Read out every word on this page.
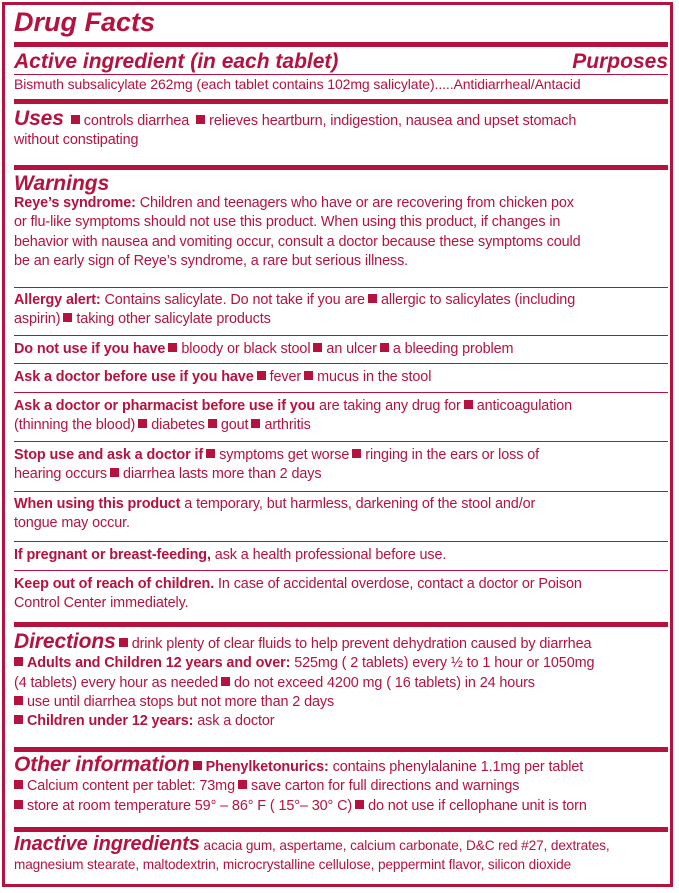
Drug Facts
Active ingredient (in each tablet)	Purposes
Bismuth subsalicylate 262mg (each tablet contains 102mg salicylate).....Antidiarrheal/Antacid
Uses controls diarrhea relieves heartburn, indigestion, nausea and upset stomach
without constipating
Warnings
Reye’s syndrome: Children and teenagers who have or are recovering from chicken pox
or flu-like symptoms should not use this product. When using this product, if changes in
behavior with nausea and vomiting occur, consult a doctor because these symptoms could
be an early sign of Reye’s syndrome, a rare but serious illness.
Allergy alert: Contains salicylate. Do not take if you are allergic to salicylates (including
aspirin) taking other salicylate products
Do not use if you have bloody or black stool an ulcer a bleeding problem
Ask a doctor before use if you have fever mucus in the stool
Ask a doctor or pharmacist before use if you are taking any drug for anticoagulation
(thinning the blood) diabetes gout arthritis
Stop use and ask a doctor if symptoms get worse ringing in the ears or loss of
hearing occurs diarrhea lasts more than 2 days
When using this product a temporary, but harmless, darkening of the stool and/or
tongue may occur.
If pregnant or breast-feeding, ask a health professional before use.
Keep out of reach of children. In case of accidental overdose, contact a doctor or Poison
Control Center immediately.
Directions drink plenty of clear fluids to help prevent dehydration caused by diarrhea
Adults and Children 12 years and over: 525mg ( 2 tablets) every ½ to 1 hour or 1050mg
(4 tablets) every hour as needed do not exceed 4200 mg ( 16 tablets) in 24 hours
use until diarrhea stops but not more than 2 days
Children under 12 years: ask a doctor
Other information Phenylketonurics: contains phenylalanine 1.1mg per tablet
Calcium content per tablet: 73mg save carton for full directions and warnings
store at room temperature 59° – 86° F ( 15°– 30° C) do not use if cellophane unit is torn
Inactive ingredients acacia gum, aspertame, calcium carbonate, D&C red #27, dextrates,
magnesium stearate, maltodextrin, microcrystalline cellulose, peppermint flavor, silicon dioxide
